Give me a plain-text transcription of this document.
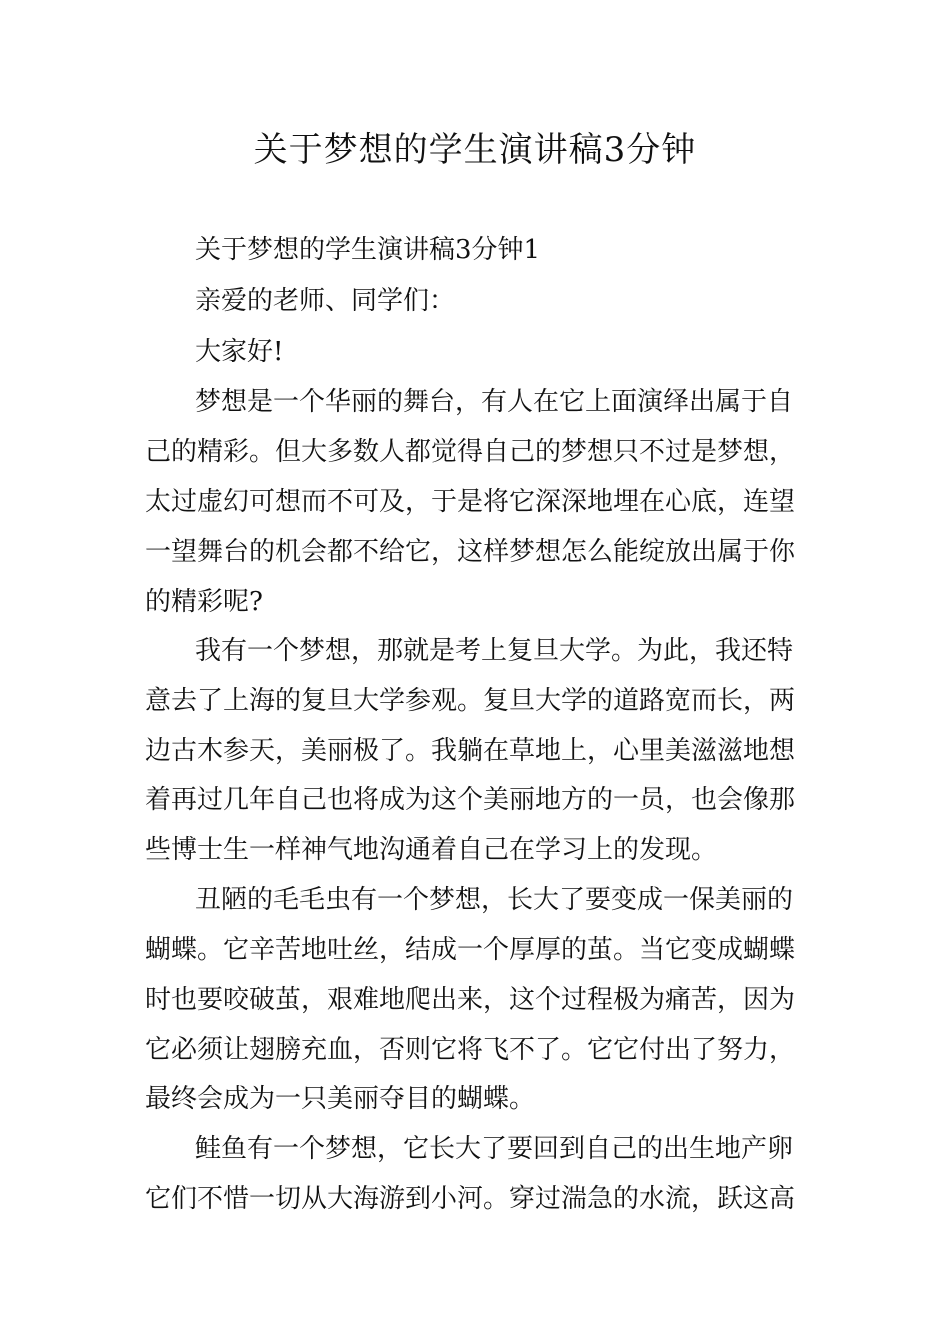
关于梦想的学生演讲稿3分钟

关于梦想的学生演讲稿3分钟1

亲爱的老师、同学们：

大家好!

梦想是一个华丽的舞台，有人在它上面演绎出属于自

己的精彩。但大多数人都觉得自己的梦想只不过是梦想，

太过虚幻可想而不可及，于是将它深深地埋在心底，连望

一望舞台的机会都不给它，这样梦想怎么能绽放出属于你

的精彩呢?

我有一个梦想，那就是考上复旦大学。为此，我还特

意去了上海的复旦大学参观。复旦大学的道路宽而长，两

边古木参天，美丽极了。我躺在草地上，心里美滋滋地想

着再过几年自己也将成为这个美丽地方的一员，也会像那

些博士生一样神气地沟通着自己在学习上的发现。

丑陋的毛毛虫有一个梦想，长大了要变成一保美丽的

蝴蝶。它辛苦地吐丝，结成一个厚厚的茧。当它变成蝴蝶

时也要咬破茧，艰难地爬出来，这个过程极为痛苦，因为

它必须让翅膀充血，否则它将飞不了。它它付出了努力，

最终会成为一只美丽夺目的蝴蝶。

鲑鱼有一个梦想，它长大了要回到自己的出生地产卵

它们不惜一切从大海游到小河。穿过湍急的水流，跃这高
